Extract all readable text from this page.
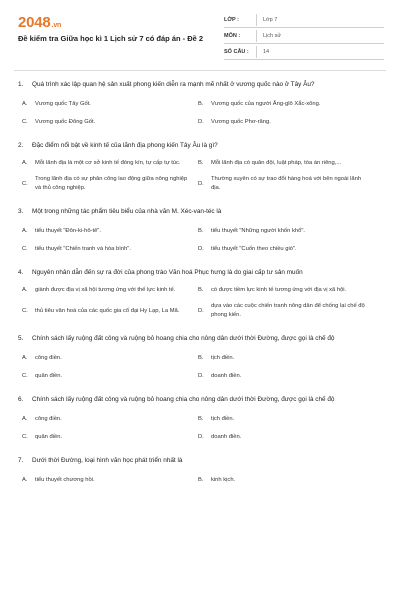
2048.vn
Đề kiểm tra Giữa học kì 1 Lịch sử 7 có đáp án - Đề 2
LỚP :	Lớp 7
MÔN :	Lịch sử
SỐ CÂU :	14
1.	Quá trình xác lập quan hệ sản xuất phong kiến diễn ra mạnh mẽ nhất ở vương quốc nào ở Tây Âu?
A.	Vương quốc Tây Gốt.	B.	Vương quốc của người Ăng-glô Xắc-xông.
C.	Vương quốc Đông Gốt.	D.	Vương quốc Phơ-răng.
2.	Đặc điểm nổi bật về kinh tế của lãnh địa phong kiến Tây Âu là gì?
A.	Mỗi lãnh địa là một cơ sở kinh tế đóng kín, tự cấp tự túc.	B.	Mỗi lãnh địa có quân đội, luật pháp, tòa án riêng,...
C.
Trong lãnh địa có sự phân công lao động giữa nông nghiệp và thủ công nghiệp.
D.
Thường xuyên có sự trao đổi hàng hoá với bên ngoài lãnh địa.
3.	Một trong những tác phẩm tiêu biểu của nhà văn M. Xéc-van-téc là
A.	tiểu thuyết "Đôn-ki-hô-tê".	B.	tiểu thuyết "Những người khốn khổ".
C.	tiểu thuyết "Chiến tranh và hòa bình".	D.	tiểu thuyết "Cuốn theo chiều gió".
4.	Nguyên nhân dẫn đến sự ra đời của phong trào Văn hoá Phục hưng là do giai cấp tư sản muốn
A.	giành được địa vị xã hội tương ứng với thế lực kinh tế.	B.	có được tiềm lực kinh tế tương ứng với địa vị xã hội.
C.	thủ tiêu văn hoá của các quốc gia cổ đại Hy Lạp, La Mã.	D.
dựa vào các cuộc chiến tranh nông dân để chống lại chế độ phong kiến.
5.	Chính sách lấy ruộng đất công và ruộng bỏ hoang chia cho nông dân dưới thời Đường, được gọi là chế độ
A.	công điền.	B.	tịch điền.
C.	quân điền.	D.	doanh điền.
6.	Chính sách lấy ruộng đất công và ruộng bỏ hoang chia cho nông dân dưới thời Đường, được gọi là chế độ
A.	công điền.	B.	tịch điền.
C.	quân điền.	D.	doanh điền.
7.	Dưới thời Đường, loại hình văn học phát triển nhất là
A.	tiểu thuyết chương hồi.	B.	kinh kịch.
